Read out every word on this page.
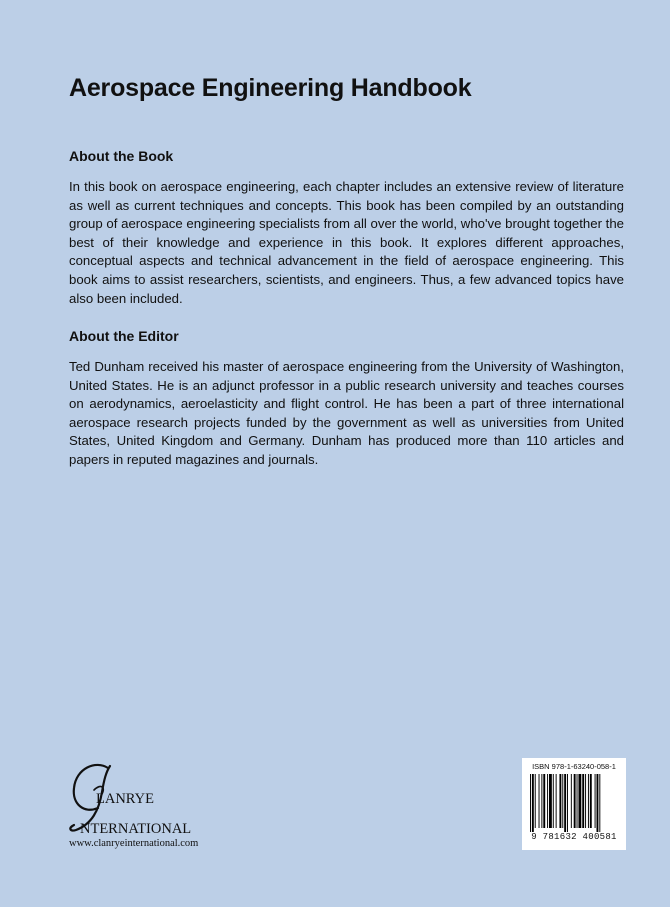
Aerospace Engineering Handbook
About the Book
In this book on aerospace engineering, each chapter includes an extensive review of literature as well as current techniques and concepts. This book has been compiled by an outstanding group of aerospace engineering specialists from all over the world, who've brought together the best of their knowledge and experience in this book. It explores different approaches, conceptual aspects and technical advancement in the field of aerospace engineering. This book aims to assist researchers, scientists, and engineers. Thus, a few advanced topics have also been included.
About the Editor
Ted Dunham received his master of aerospace engineering from the University of Washington, United States. He is an adjunct professor in a public research university and teaches courses on aerodynamics, aeroelasticity and flight control. He has been a part of three international aerospace research projects funded by the government as well as universities from United States, United Kingdom and Germany. Dunham has produced more than 110 articles and papers in reputed magazines and journals.
LANRYE
NTERNATIONAL
www.clanryeinternational.com
ISBN 978-1-63240-058-1
9 781632 400581
